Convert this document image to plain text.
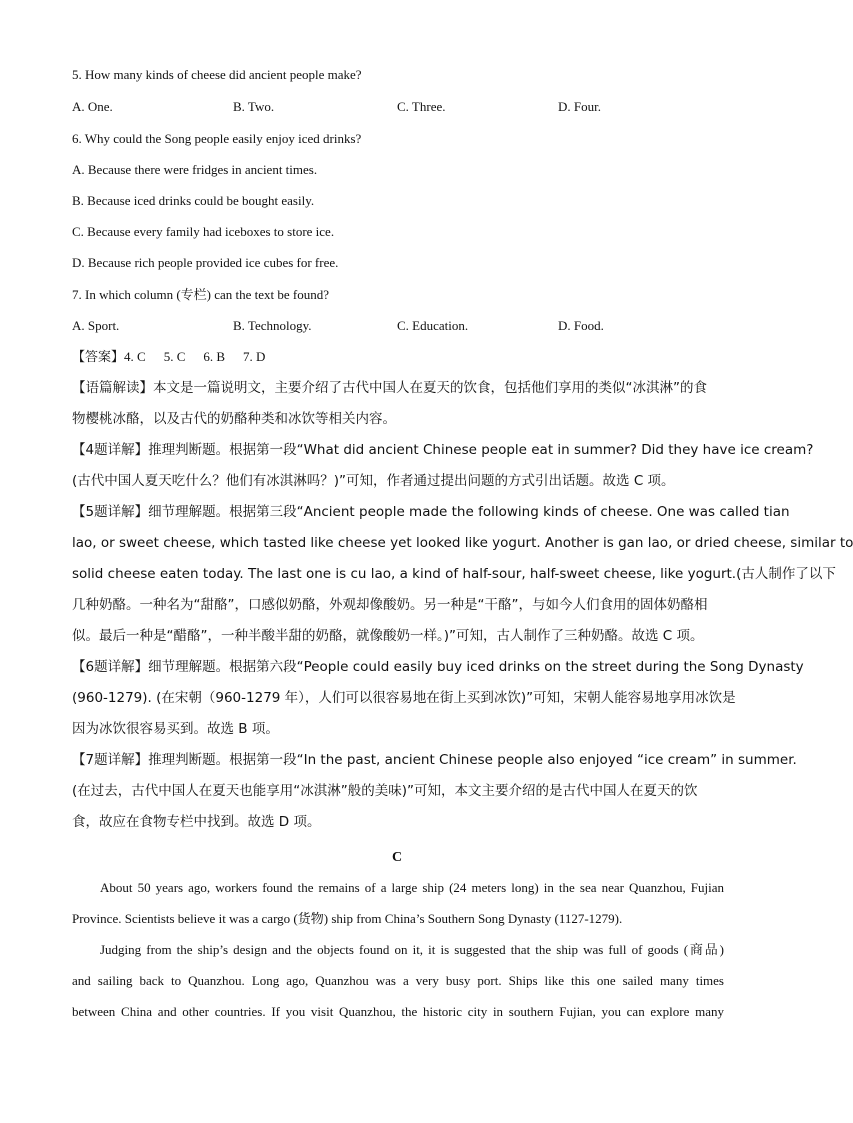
5. How many kinds of cheese did ancient people make?
A. One.	B. Two.	C. Three.	D. Four.
6. Why could the Song people easily enjoy iced drinks?
A. Because there were fridges in ancient times.
B. Because iced drinks could be bought easily.
C. Because every family had iceboxes to store ice.
D. Because rich people provided ice cubes for free.
7. In which column (专栏) can the text be found?
A. Sport.	B. Technology.	C. Education.	D. Food.
【答案】4. C 5. C 6. B 7. D
【语篇解读】本文是一篇说明文，主要介绍了古代中国人在夏天的饮食，包括他们享用的类似“冰淇淋”的食
物樱桃冰酪，以及古代的奶酪种类和冰饮等相关内容。
【4题详解】推理判断题。根据第一段“What did ancient Chinese people eat in summer? Did they have ice cream?
(古代中国人夏天吃什么？他们有冰淇淋吗？)”可知，作者通过提出问题的方式引出话题。故选 C 项。
【5题详解】细节理解题。根据第三段“Ancient people made the following kinds of cheese. One was called tian
lao, or sweet cheese, which tasted like cheese yet looked like yogurt. Another is gan lao, or dried cheese, similar to
solid cheese eaten today. The last one is cu lao, a kind of half-sour, half-sweet cheese, like yogurt.(古人制作了以下
几种奶酪。一种名为“甜酪”，口感似奶酪，外观却像酸奶。另一种是“干酪”，与如今人们食用的固体奶酪相
似。最后一种是“醋酪”，一种半酸半甜的奶酪，就像酸奶一样。)”可知，古人制作了三种奶酪。故选 C 项。
【6题详解】细节理解题。根据第六段“People could easily buy iced drinks on the street during the Song Dynasty
(960-1279). (在宋朝（960-1279 年），人们可以很容易地在街上买到冰饮)”可知，宋朝人能容易地享用冰饮是
因为冰饮很容易买到。故选 B 项。
【7题详解】推理判断题。根据第一段“In the past, ancient Chinese people also enjoyed “ice cream” in summer.
(在过去，古代中国人在夏天也能享用“冰淇淋”般的美味)”可知，本文主要介绍的是古代中国人在夏天的饮
食，故应在食物专栏中找到。故选 D 项。
C
About 50 years ago, workers found the remains of a large ship (24 meters long) in the sea near Quanzhou, Fujian
Province. Scientists believe it was a cargo (货物) ship from China’s Southern Song Dynasty (1127-1279).
Judging from the ship’s design and the objects found on it, it is suggested that the ship was full of goods (商品)
and sailing back to Quanzhou. Long ago, Quanzhou was a very busy port. Ships like this one sailed many times
between China and other countries. If you visit Quanzhou, the historic city in southern Fujian, you can explore many
